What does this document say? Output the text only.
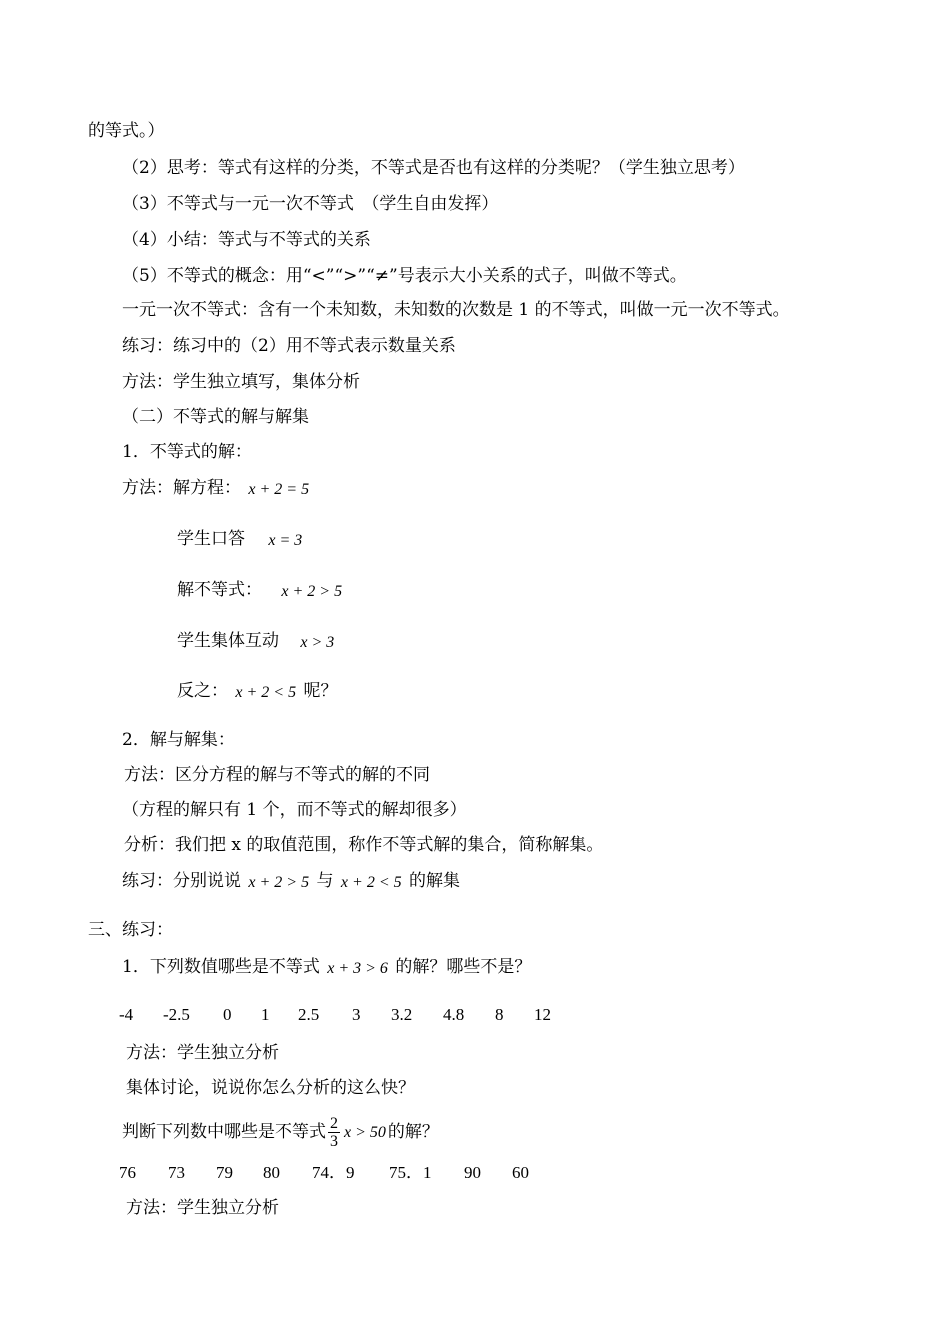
的等式。）
（2）思考：等式有这样的分类，不等式是否也有这样的分类呢？（学生独立思考）
（3）不等式与一元一次不等式　（学生自由发挥）
（4）小结：等式与不等式的关系
（5）不等式的概念：用“<”“>”“≠”号表示大小关系的式子，叫做不等式。
一元一次不等式：含有一个未知数，未知数的次数是 1 的不等式，叫做一元一次不等式。
练习：练习中的（2）用不等式表示数量关系
方法：学生独立填写，集体分析
（二）不等式的解与解集
1．不等式的解：
方法：解方程： x + 2 = 5
学生口答 x = 3
解不等式： x + 2 > 5
学生集体互动 x > 3
反之： x + 2 < 5 呢？
2．解与解集：
方法：区分方程的解与不等式的解的不同
（方程的解只有 1 个，而不等式的解却很多）
分析：我们把 x 的取值范围，称作不等式解的集合，简称解集。
练习：分别说说 x + 2 > 5 与 x + 2 < 5 的解集
三、练习：
1．下列数值哪些是不等式 x + 3 > 6 的解？哪些不是？
-4 -2.5 0 1 2.5 3 3.2 4.8 8 12
方法：学生独立分析
集体讨论，说说你怎么分析的这么快？
判断下列数中哪些是不等式 $\frac{2}{3}$ x > 50 的解？
76 73 79 80 74．9 75．1 90 60
方法：学生独立分析
